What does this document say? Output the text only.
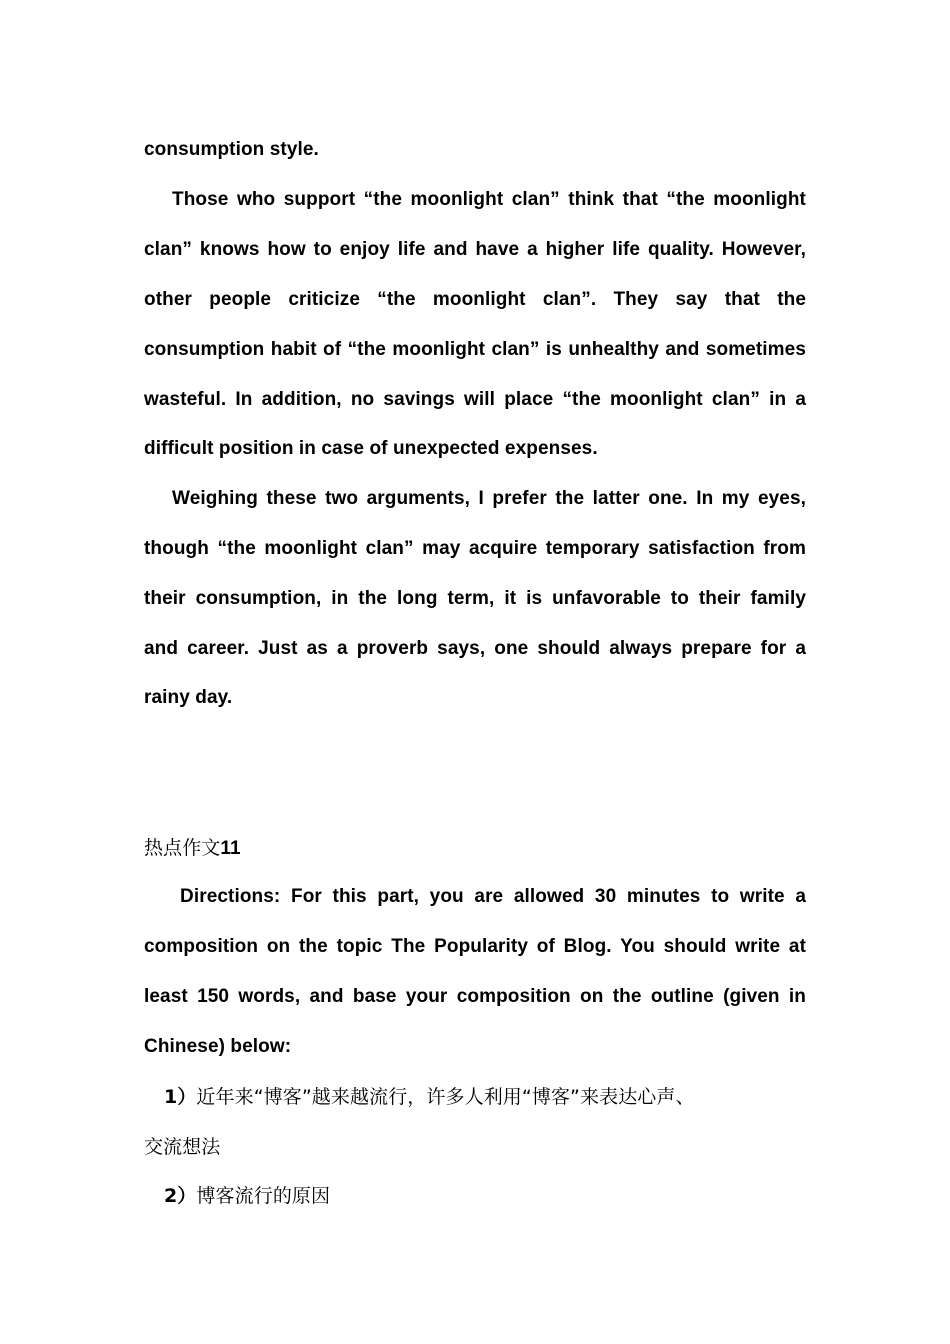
consumption style.
Those who support “the moonlight clan” think that “the moonlight
clan” knows how to enjoy life and have a higher life quality. However,
other people criticize “the moonlight clan”. They say that the
consumption habit of “the moonlight clan” is unhealthy and sometimes
wasteful. In addition, no savings will place “the moonlight clan” in a
difficult position in case of unexpected expenses.
Weighing these two arguments, I prefer the latter one. In my eyes,
though “the moonlight clan” may acquire temporary satisfaction from
their consumption, in the long term, it is unfavorable to their family
and career. Just as a proverb says, one should always prepare for a
rainy day.
热点作文11
Directions: For this part, you are allowed 30 minutes to write a
composition on the topic The Popularity of Blog. You should write at
least 150 words, and base your composition on the outline (given in
Chinese) below:
1）近年来“博客”越来越流行，许多人利用“博客”来表达心声、
交流想法
2）博客流行的原因
